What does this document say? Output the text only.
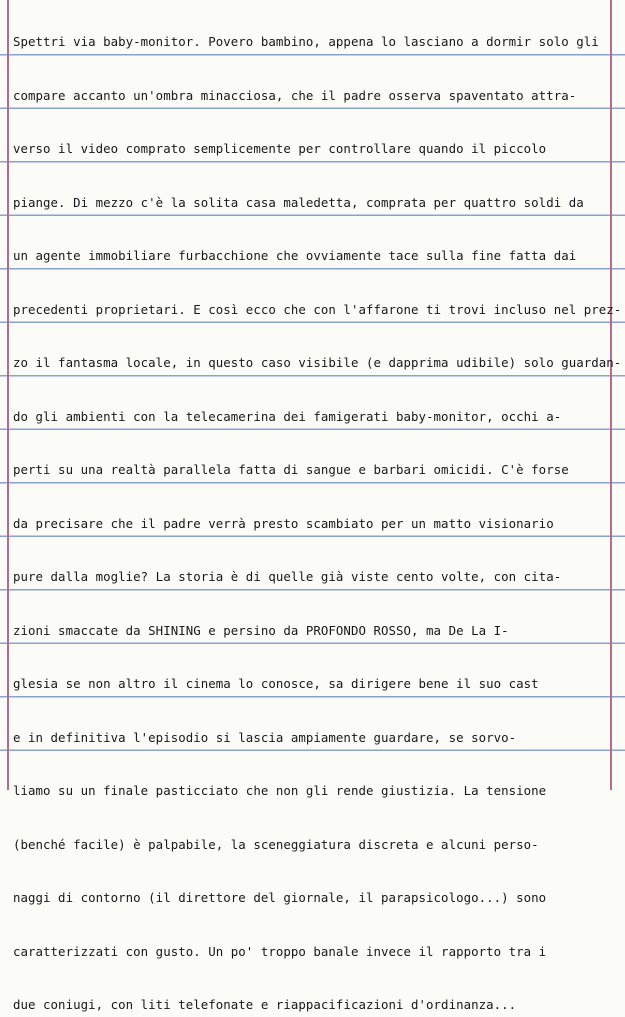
Spettri via baby-monitor. Povero bambino, appena lo lasciano a dormir solo gli
compare accanto un'ombra minacciosa, che il padre osserva spaventato attra-
verso il video comprato semplicemente per controllare quando il piccolo
piange. Di mezzo c'è la solita casa maledetta, comprata per quattro soldi da
un agente immobiliare furbacchione che ovviamente tace sulla fine fatta dai
precedenti proprietari. E così ecco che con l'affarone ti trovi incluso nel prez-
zo il fantasma locale, in questo caso visibile (e dapprima udibile) solo guardan-
do gli ambienti con la telecamerina dei famigerati baby-monitor, occhi a-
perti su una realtà parallela fatta di sangue e barbari omicidi. C'è forse
da precisare che il padre verrà presto scambiato per un matto visionario
pure dalla moglie? La storia è di quelle già viste cento volte, con cita-
zioni smaccate da SHINING e persino da PROFONDO ROSSO, ma De La I-
glesia se non altro il cinema lo conosce, sa dirigere bene il suo cast
e in definitiva l'episodio si lascia ampiamente guardare, se sorvo-
liamo su un finale pasticciato che non gli rende giustizia. La tensione
(benché facile) è palpabile, la sceneggiatura discreta e alcuni perso-
naggi di contorno (il direttore del giornale, il parapsicologo...) sono
caratterizzati con gusto. Un po' troppo banale invece il rapporto tra i
due coniugi, con liti telefonate e riappacificazioni d'ordinanza...
